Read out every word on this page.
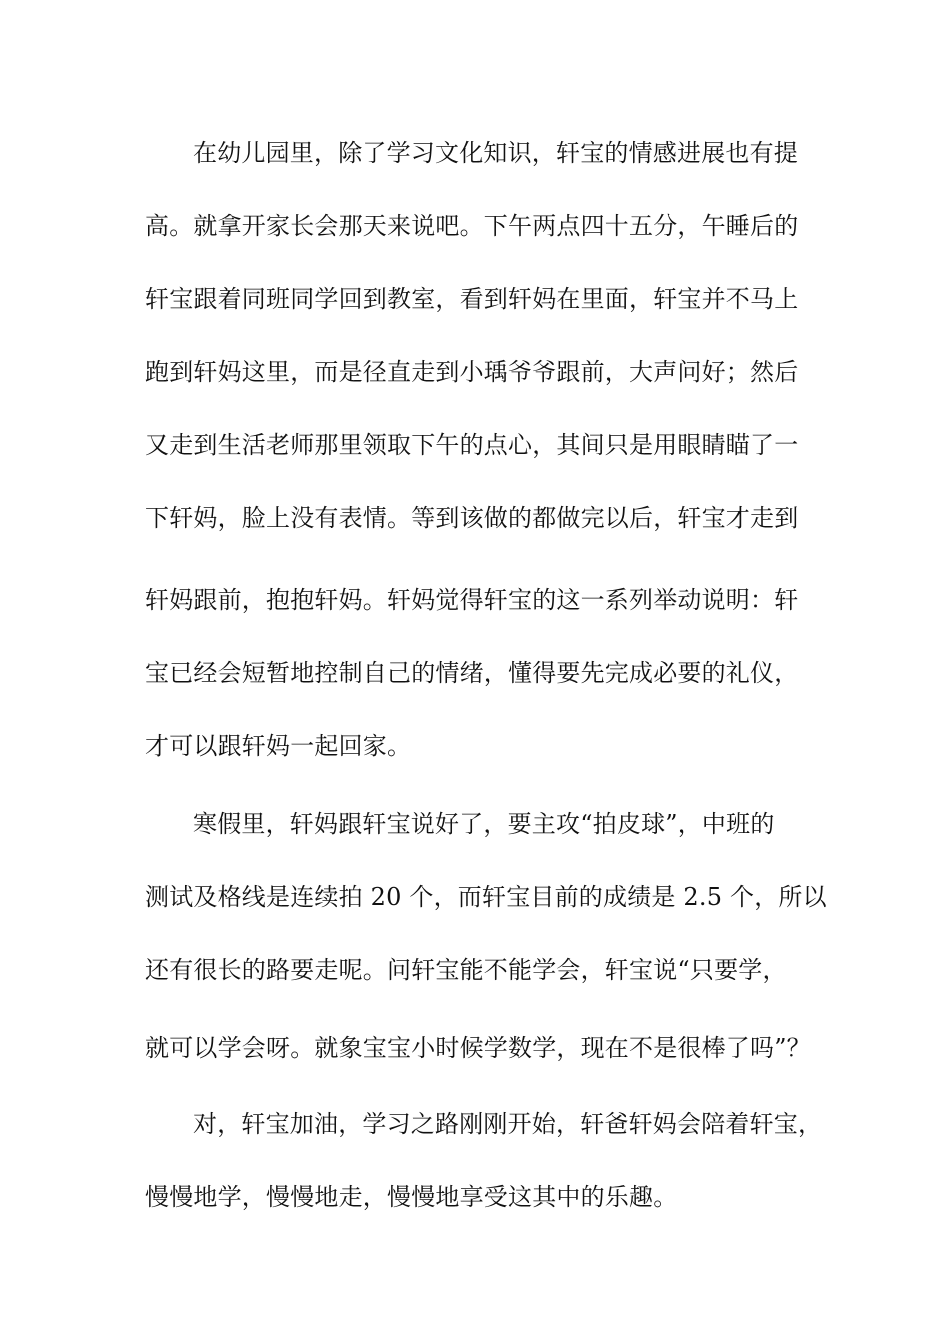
在幼儿园里，除了学习文化知识，轩宝的情感进展也有提
高。就拿开家长会那天来说吧。下午两点四十五分，午睡后的
轩宝跟着同班同学回到教室，看到轩妈在里面，轩宝并不马上
跑到轩妈这里，而是径直走到小瑀爷爷跟前，大声问好；然后
又走到生活老师那里领取下午的点心，其间只是用眼睛瞄了一
下轩妈，脸上没有表情。等到该做的都做完以后，轩宝才走到
轩妈跟前，抱抱轩妈。轩妈觉得轩宝的这一系列举动说明：轩
宝已经会短暂地控制自己的情绪，懂得要先完成必要的礼仪，
才可以跟轩妈一起回家。
寒假里，轩妈跟轩宝说好了，要主攻“拍皮球”，中班的
测试及格线是连续拍 20 个，而轩宝目前的成绩是 2.5 个，所以
还有很长的路要走呢。问轩宝能不能学会，轩宝说“只要学，
就可以学会呀。就象宝宝小时候学数学，现在不是很棒了吗”？
对，轩宝加油，学习之路刚刚开始，轩爸轩妈会陪着轩宝，
慢慢地学，慢慢地走，慢慢地享受这其中的乐趣。
